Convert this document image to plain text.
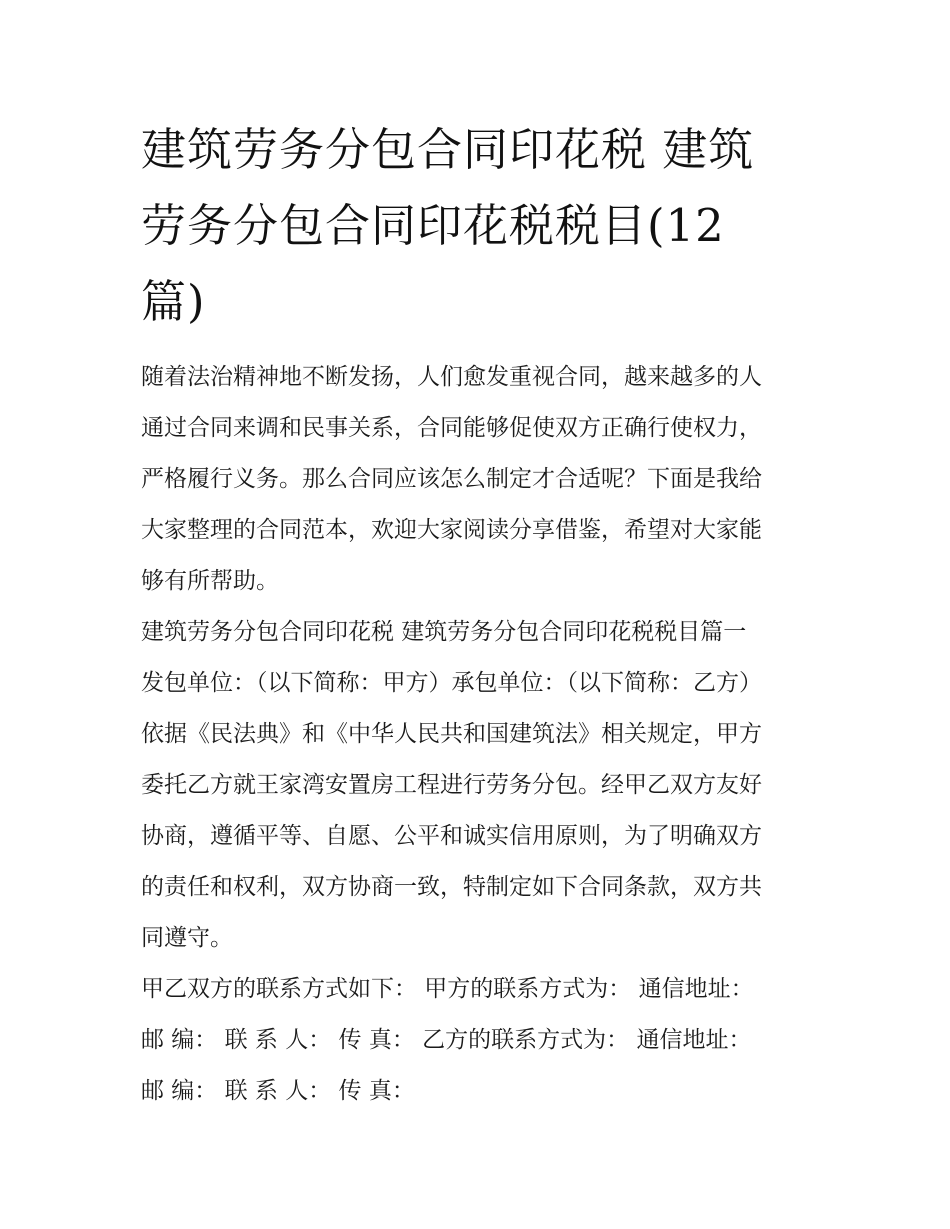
建筑劳务分包合同印花税 建筑
劳务分包合同印花税税目(12
篇)

随着法治精神地不断发扬，人们愈发重视合同，越来越多的人
通过合同来调和民事关系，合同能够促使双方正确行使权力，
严格履行义务。那么合同应该怎么制定才合适呢？下面是我给
大家整理的合同范本，欢迎大家阅读分享借鉴，希望对大家能
够有所帮助。

建筑劳务分包合同印花税 建筑劳务分包合同印花税税目篇一

发包单位：（以下简称：甲方）承包单位：（以下简称：乙方）
依据《民法典》和《中华人民共和国建筑法》相关规定，甲方
委托乙方就王家湾安置房工程进行劳务分包。经甲乙双方友好
协商，遵循平等、自愿、公平和诚实信用原则，为了明确双方
的责任和权利，双方协商一致，特制定如下合同条款，双方共
同遵守。

甲乙双方的联系方式如下： 甲方的联系方式为： 通信地址：
邮 编： 联 系 人： 传 真： 乙方的联系方式为： 通信地址：
邮 编： 联 系 人： 传 真：
